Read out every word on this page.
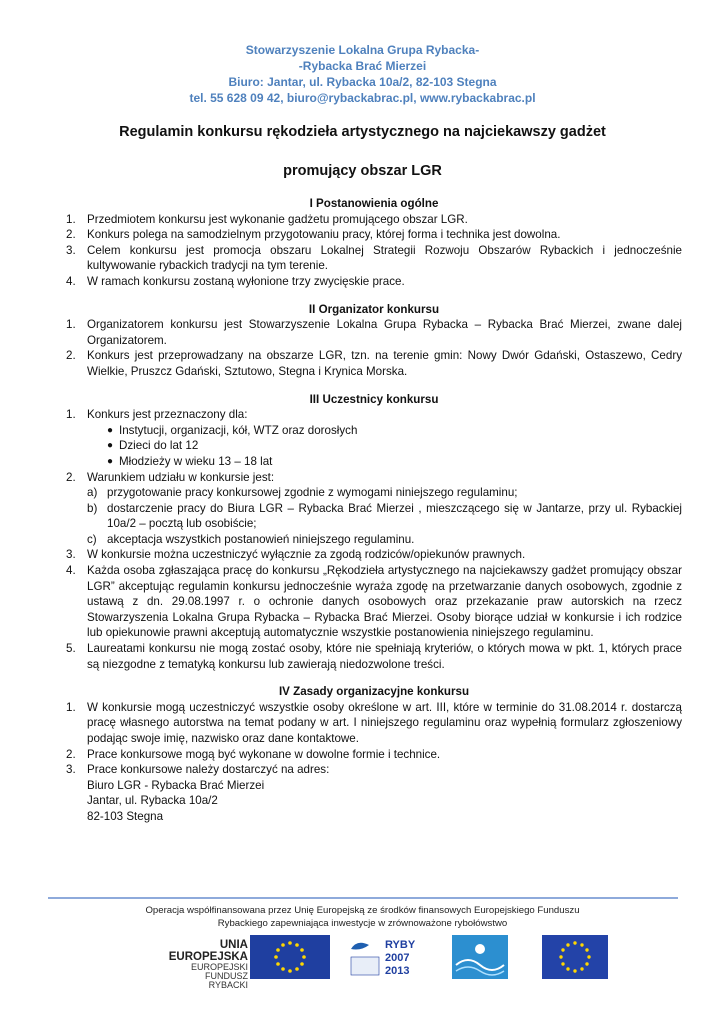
Stowarzyszenie Lokalna Grupa Rybacka-
-Rybacka Brać Mierzei
Biuro: Jantar, ul. Rybacka 10a/2, 82-103 Stegna
tel. 55 628 09 42, biuro@rybackabrac.pl, www.rybackabrac.pl
Regulamin konkursu rękodzieła artystycznego na najciekawszy gadżet
promujący obszar LGR

I Postanowienia ogólne

1. Przedmiotem konkursu jest wykonanie gadżetu promującego obszar LGR.
2. Konkurs polega na samodzielnym przygotowaniu pracy, której forma i technika jest dowolna.
3. Celem konkursu jest promocja obszaru Lokalnej Strategii Rozwoju Obszarów Rybackich i jednocześnie kultywowanie rybackich tradycji na tym terenie.
4. W ramach konkursu zostaną wyłonione trzy zwycięskie prace.

II Organizator konkursu

1. Organizatorem konkursu jest Stowarzyszenie Lokalna Grupa Rybacka – Rybacka Brać Mierzei, zwane dalej Organizatorem.
2. Konkurs jest przeprowadzany na obszarze LGR, tzn. na terenie gmin: Nowy Dwór Gdański, Ostaszewo, Cedry Wielkie, Pruszcz Gdański, Sztutowo, Stegna i Krynica Morska.

III Uczestnicy konkursu

1. Konkurs jest przeznaczony dla:
● Instytucji, organizacji, kół, WTZ oraz dorosłych
● Dzieci do lat 12
● Młodzieży w wieku 13 – 18 lat
2. Warunkiem udziału w konkursie jest:
a) przygotowanie pracy konkursowej zgodnie z wymogami niniejszego regulaminu;
b) dostarczenie pracy do Biura LGR – Rybacka Brać Mierzei , mieszczącego się w Jantarze, przy ul. Rybackiej 10a/2 – pocztą lub osobiście;
c) akceptacja wszystkich postanowień niniejszego regulaminu.
3. W konkursie można uczestniczyć wyłącznie za zgodą rodziców/opiekunów prawnych.
4. Każda osoba zgłaszająca pracę do konkursu „Rękodzieła artystycznego na najciekawszy gadżet promujący obszar LGR” akceptując regulamin konkursu jednocześnie wyraża zgodę na przetwarzanie danych osobowych, zgodnie z ustawą z dn. 29.08.1997 r. o ochronie danych osobowych oraz przekazanie praw autorskich na rzecz Stowarzyszenia Lokalna Grupa Rybacka – Rybacka Brać Mierzei. Osoby biorące udział w konkursie i ich rodzice lub opiekunowie prawni akceptują automatycznie wszystkie postanowienia niniejszego regulaminu.
5. Laureatami konkursu nie mogą zostać osoby, które nie spełniają kryteriów, o których mowa w pkt. 1, których prace są niezgodne z tematyką konkursu lub zawierają niedozwolone treści.

IV Zasady organizacyjne konkursu

1. W konkursie mogą uczestniczyć wszystkie osoby określone w art. III, które w terminie do 31.08.2014 r. dostarczą pracę własnego autorstwa na temat podany w art. I niniejszego regulaminu oraz wypełnią formularz zgłoszeniowy podając swoje imię, nazwisko oraz dane kontaktowe.
2. Prace konkursowe mogą być wykonane w dowolne formie i technice.
3. Prace konkursowe należy dostarczyć na adres:
Biuro LGR - Rybacka Brać Mierzei
Jantar, ul. Rybacka 10a/2
82-103 Stegna
Operacja współfinansowana przez Unię Europejską ze środków finansowych Europejskiego Funduszu
Rybackiego zapewniająca inwestycje w zrównoważone rybołówstwo
UNIA EUROPEJSKA
EUROPEJSKI
FUNDUSZ
RYBACKI
RYBY
2007
2013
